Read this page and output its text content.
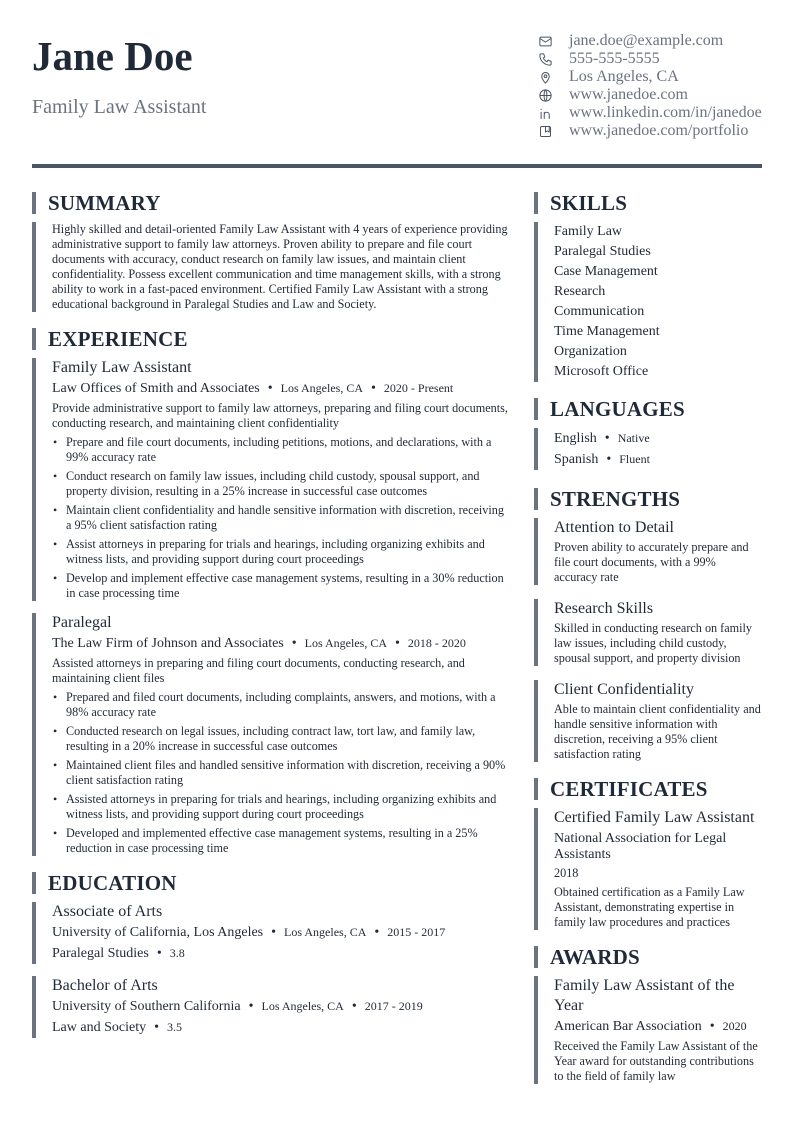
Jane Doe
Family Law Assistant
jane.doe@example.com
555-555-5555
Los Angeles, CA
www.janedoe.com
www.linkedin.com/in/janedoe
www.janedoe.com/portfolio
SUMMARY
Highly skilled and detail-oriented Family Law Assistant with 4 years of experience providing administrative support to family law attorneys. Proven ability to prepare and file court documents with accuracy, conduct research on family law issues, and maintain client confidentiality. Possess excellent communication and time management skills, with a strong ability to work in a fast-paced environment. Certified Family Law Assistant with a strong educational background in Paralegal Studies and Law and Society.
EXPERIENCE
Family Law Assistant
Law Offices of Smith and Associates • Los Angeles, CA • 2020 - Present
Provide administrative support to family law attorneys, preparing and filing court documents, conducting research, and maintaining client confidentiality
• Prepare and file court documents, including petitions, motions, and declarations, with a 99% accuracy rate
• Conduct research on family law issues, including child custody, spousal support, and property division, resulting in a 25% increase in successful case outcomes
• Maintain client confidentiality and handle sensitive information with discretion, receiving a 95% client satisfaction rating
• Assist attorneys in preparing for trials and hearings, including organizing exhibits and witness lists, and providing support during court proceedings
• Develop and implement effective case management systems, resulting in a 30% reduction in case processing time
Paralegal
The Law Firm of Johnson and Associates • Los Angeles, CA • 2018 - 2020
Assisted attorneys in preparing and filing court documents, conducting research, and maintaining client files
• Prepared and filed court documents, including complaints, answers, and motions, with a 98% accuracy rate
• Conducted research on legal issues, including contract law, tort law, and family law, resulting in a 20% increase in successful case outcomes
• Maintained client files and handled sensitive information with discretion, receiving a 90% client satisfaction rating
• Assisted attorneys in preparing for trials and hearings, including organizing exhibits and witness lists, and providing support during court proceedings
• Developed and implemented effective case management systems, resulting in a 25% reduction in case processing time
EDUCATION
Associate of Arts
University of California, Los Angeles • Los Angeles, CA • 2015 - 2017
Paralegal Studies • 3.8
Bachelor of Arts
University of Southern California • Los Angeles, CA • 2017 - 2019
Law and Society • 3.5
SKILLS
Family Law
Paralegal Studies
Case Management
Research
Communication
Time Management
Organization
Microsoft Office
LANGUAGES
English • Native
Spanish • Fluent
STRENGTHS
Attention to Detail
Proven ability to accurately prepare and file court documents, with a 99% accuracy rate
Research Skills
Skilled in conducting research on family law issues, including child custody, spousal support, and property division
Client Confidentiality
Able to maintain client confidentiality and handle sensitive information with discretion, receiving a 95% client satisfaction rating
CERTIFICATES
Certified Family Law Assistant
National Association for Legal Assistants
2018
Obtained certification as a Family Law Assistant, demonstrating expertise in family law procedures and practices
AWARDS
Family Law Assistant of the Year
American Bar Association • 2020
Received the Family Law Assistant of the Year award for outstanding contributions to the field of family law
